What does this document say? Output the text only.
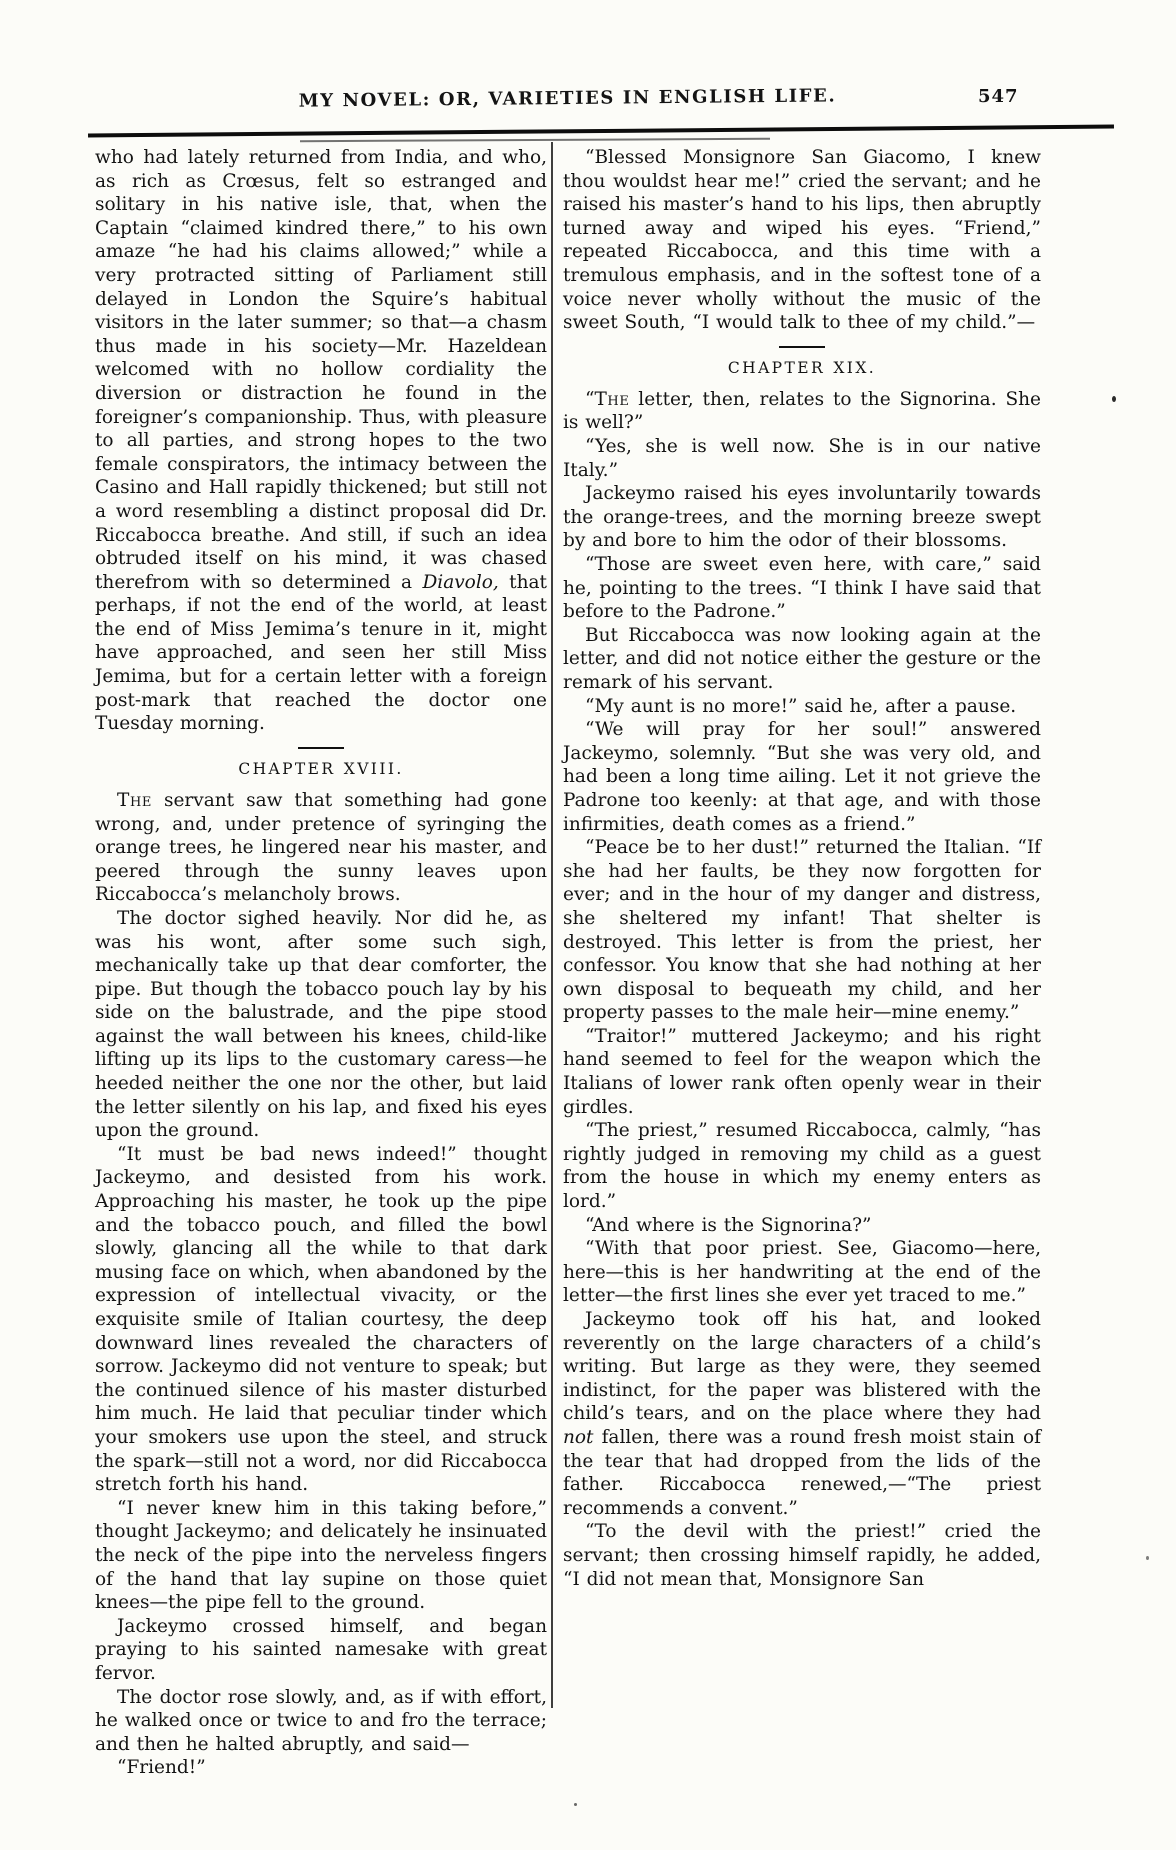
MY NOVEL: OR, VARIETIES IN ENGLISH LIFE.	547

who had lately returned from India, and who, as rich as Crœsus, felt so estranged and solitary in his native isle, that, when the Captain “claimed kindred there,” to his own amaze “he had his claims allowed;” while a very protracted sitting of Parliament still delayed in London the Squire’s habitual visitors in the later summer; so that—a chasm thus made in his society—Mr. Hazeldean welcomed with no hollow cordiality the diversion or distraction he found in the foreigner’s companionship. Thus, with pleasure to all parties, and strong hopes to the two female conspirators, the intimacy between the Casino and Hall rapidly thickened; but still not a word resembling a distinct proposal did Dr. Riccabocca breathe. And still, if such an idea obtruded itself on his mind, it was chased therefrom with so determined a Diavolo, that perhaps, if not the end of the world, at least the end of Miss Jemima’s tenure in it, might have approached, and seen her still Miss Jemima, but for a certain letter with a foreign post-mark that reached the doctor one Tuesday morning.

CHAPTER XVIII.

The servant saw that something had gone wrong, and, under pretence of syringing the orange trees, he lingered near his master, and peered through the sunny leaves upon Riccabocca’s melancholy brows.

The doctor sighed heavily. Nor did he, as was his wont, after some such sigh, mechanically take up that dear comforter, the pipe. But though the tobacco pouch lay by his side on the balustrade, and the pipe stood against the wall between his knees, child-like lifting up its lips to the customary caress—he heeded neither the one nor the other, but laid the letter silently on his lap, and fixed his eyes upon the ground.

“It must be bad news indeed!” thought Jackeymo, and desisted from his work. Approaching his master, he took up the pipe and the tobacco pouch, and filled the bowl slowly, glancing all the while to that dark musing face on which, when abandoned by the expression of intellectual vivacity, or the exquisite smile of Italian courtesy, the deep downward lines revealed the characters of sorrow. Jackeymo did not venture to speak; but the continued silence of his master disturbed him much. He laid that peculiar tinder which your smokers use upon the steel, and struck the spark—still not a word, nor did Riccabocca stretch forth his hand.

“I never knew him in this taking before,” thought Jackeymo; and delicately he insinuated the neck of the pipe into the nerveless fingers of the hand that lay supine on those quiet knees—the pipe fell to the ground.

Jackeymo crossed himself, and began praying to his sainted namesake with great fervor.

The doctor rose slowly, and, as if with effort, he walked once or twice to and fro the terrace; and then he halted abruptly, and said—

“Friend!”

“Blessed Monsignore San Giacomo, I knew thou wouldst hear me!” cried the servant; and he raised his master’s hand to his lips, then abruptly turned away and wiped his eyes. “Friend,” repeated Riccabocca, and this time with a tremulous emphasis, and in the softest tone of a voice never wholly without the music of the sweet South, “I would talk to thee of my child.”—

CHAPTER XIX.

“The letter, then, relates to the Signorina. She is well?”

“Yes, she is well now. She is in our native Italy.”

Jackeymo raised his eyes involuntarily towards the orange-trees, and the morning breeze swept by and bore to him the odor of their blossoms.

“Those are sweet even here, with care,” said he, pointing to the trees. “I think I have said that before to the Padrone.”

But Riccabocca was now looking again at the letter, and did not notice either the gesture or the remark of his servant.

“My aunt is no more!” said he, after a pause.

“We will pray for her soul!” answered Jackeymo, solemnly. “But she was very old, and had been a long time ailing. Let it not grieve the Padrone too keenly: at that age, and with those infirmities, death comes as a friend.”

“Peace be to her dust!” returned the Italian. “If she had her faults, be they now forgotten for ever; and in the hour of my danger and distress, she sheltered my infant! That shelter is destroyed. This letter is from the priest, her confessor. You know that she had nothing at her own disposal to bequeath my child, and her property passes to the male heir—mine enemy.”

“Traitor!” muttered Jackeymo; and his right hand seemed to feel for the weapon which the Italians of lower rank often openly wear in their girdles.

“The priest,” resumed Riccabocca, calmly, “has rightly judged in removing my child as a guest from the house in which my enemy enters as lord.”

“And where is the Signorina?”

“With that poor priest. See, Giacomo—here, here—this is her handwriting at the end of the letter—the first lines she ever yet traced to me.”

Jackeymo took off his hat, and looked reverently on the large characters of a child’s writing. But large as they were, they seemed indistinct, for the paper was blistered with the child’s tears, and on the place where they had not fallen, there was a round fresh moist stain of the tear that had dropped from the lids of the father. Riccabocca renewed,—“The priest recommends a convent.”

“To the devil with the priest!” cried the servant; then crossing himself rapidly, he added, “I did not mean that, Monsignore San
